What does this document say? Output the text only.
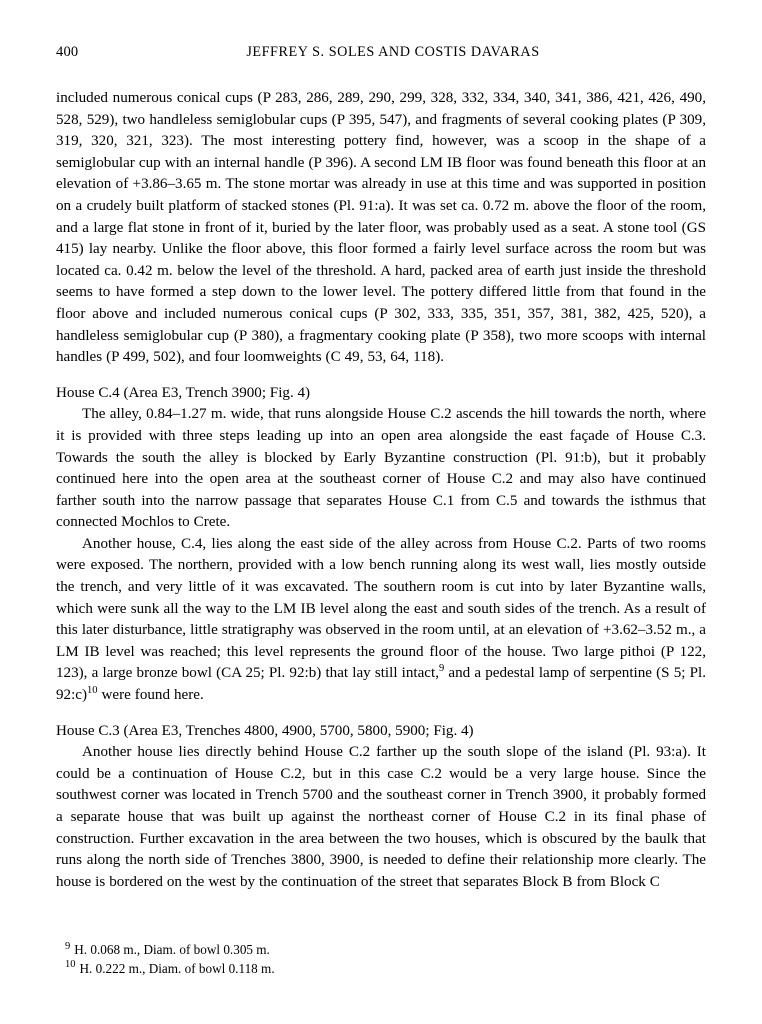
400	JEFFREY S. SOLES AND COSTIS DAVARAS

included numerous conical cups (P 283, 286, 289, 290, 299, 328, 332, 334, 340, 341, 386, 421, 426, 490, 528, 529), two handleless semiglobular cups (P 395, 547), and fragments of several cooking plates (P 309, 319, 320, 321, 323). The most interesting pottery find, however, was a scoop in the shape of a semiglobular cup with an internal handle (P 396). A second LM IB floor was found beneath this floor at an elevation of +3.86–3.65 m. The stone mortar was already in use at this time and was supported in position on a crudely built platform of stacked stones (Pl. 91:a). It was set ca. 0.72 m. above the floor of the room, and a large flat stone in front of it, buried by the later floor, was probably used as a seat. A stone tool (GS 415) lay nearby. Unlike the floor above, this floor formed a fairly level surface across the room but was located ca. 0.42 m. below the level of the threshold. A hard, packed area of earth just inside the threshold seems to have formed a step down to the lower level. The pottery differed little from that found in the floor above and included numerous conical cups (P 302, 333, 335, 351, 357, 381, 382, 425, 520), a handleless semiglobular cup (P 380), a fragmentary cooking plate (P 358), two more scoops with internal handles (P 499, 502), and four loomweights (C 49, 53, 64, 118).

House C.4 (Area E3, Trench 3900; Fig. 4)

The alley, 0.84–1.27 m. wide, that runs alongside House C.2 ascends the hill towards the north, where it is provided with three steps leading up into an open area alongside the east façade of House C.3. Towards the south the alley is blocked by Early Byzantine construction (Pl. 91:b), but it probably continued here into the open area at the southeast corner of House C.2 and may also have continued farther south into the narrow passage that separates House C.1 from C.5 and towards the isthmus that connected Mochlos to Crete.

Another house, C.4, lies along the east side of the alley across from House C.2. Parts of two rooms were exposed. The northern, provided with a low bench running along its west wall, lies mostly outside the trench, and very little of it was excavated. The southern room is cut into by later Byzantine walls, which were sunk all the way to the LM IB level along the east and south sides of the trench. As a result of this later disturbance, little stratigraphy was observed in the room until, at an elevation of +3.62–3.52 m., a LM IB level was reached; this level represents the ground floor of the house. Two large pithoi (P 122, 123), a large bronze bowl (CA 25; Pl. 92:b) that lay still intact,$^9$ and a pedestal lamp of serpentine (S 5; Pl. 92:c)$^{10}$ were found here.

House C.3 (Area E3, Trenches 4800, 4900, 5700, 5800, 5900; Fig. 4)

Another house lies directly behind House C.2 farther up the south slope of the island (Pl. 93:a). It could be a continuation of House C.2, but in this case C.2 would be a very large house. Since the southwest corner was located in Trench 5700 and the southeast corner in Trench 3900, it probably formed a separate house that was built up against the northeast corner of House C.2 in its final phase of construction. Further excavation in the area between the two houses, which is obscured by the baulk that runs along the north side of Trenches 3800, 3900, is needed to define their relationship more clearly. The house is bordered on the west by the continuation of the street that separates Block B from Block C

$^9$ H. 0.068 m., Diam. of bowl 0.305 m.

$^{10}$ H. 0.222 m., Diam. of bowl 0.118 m.
